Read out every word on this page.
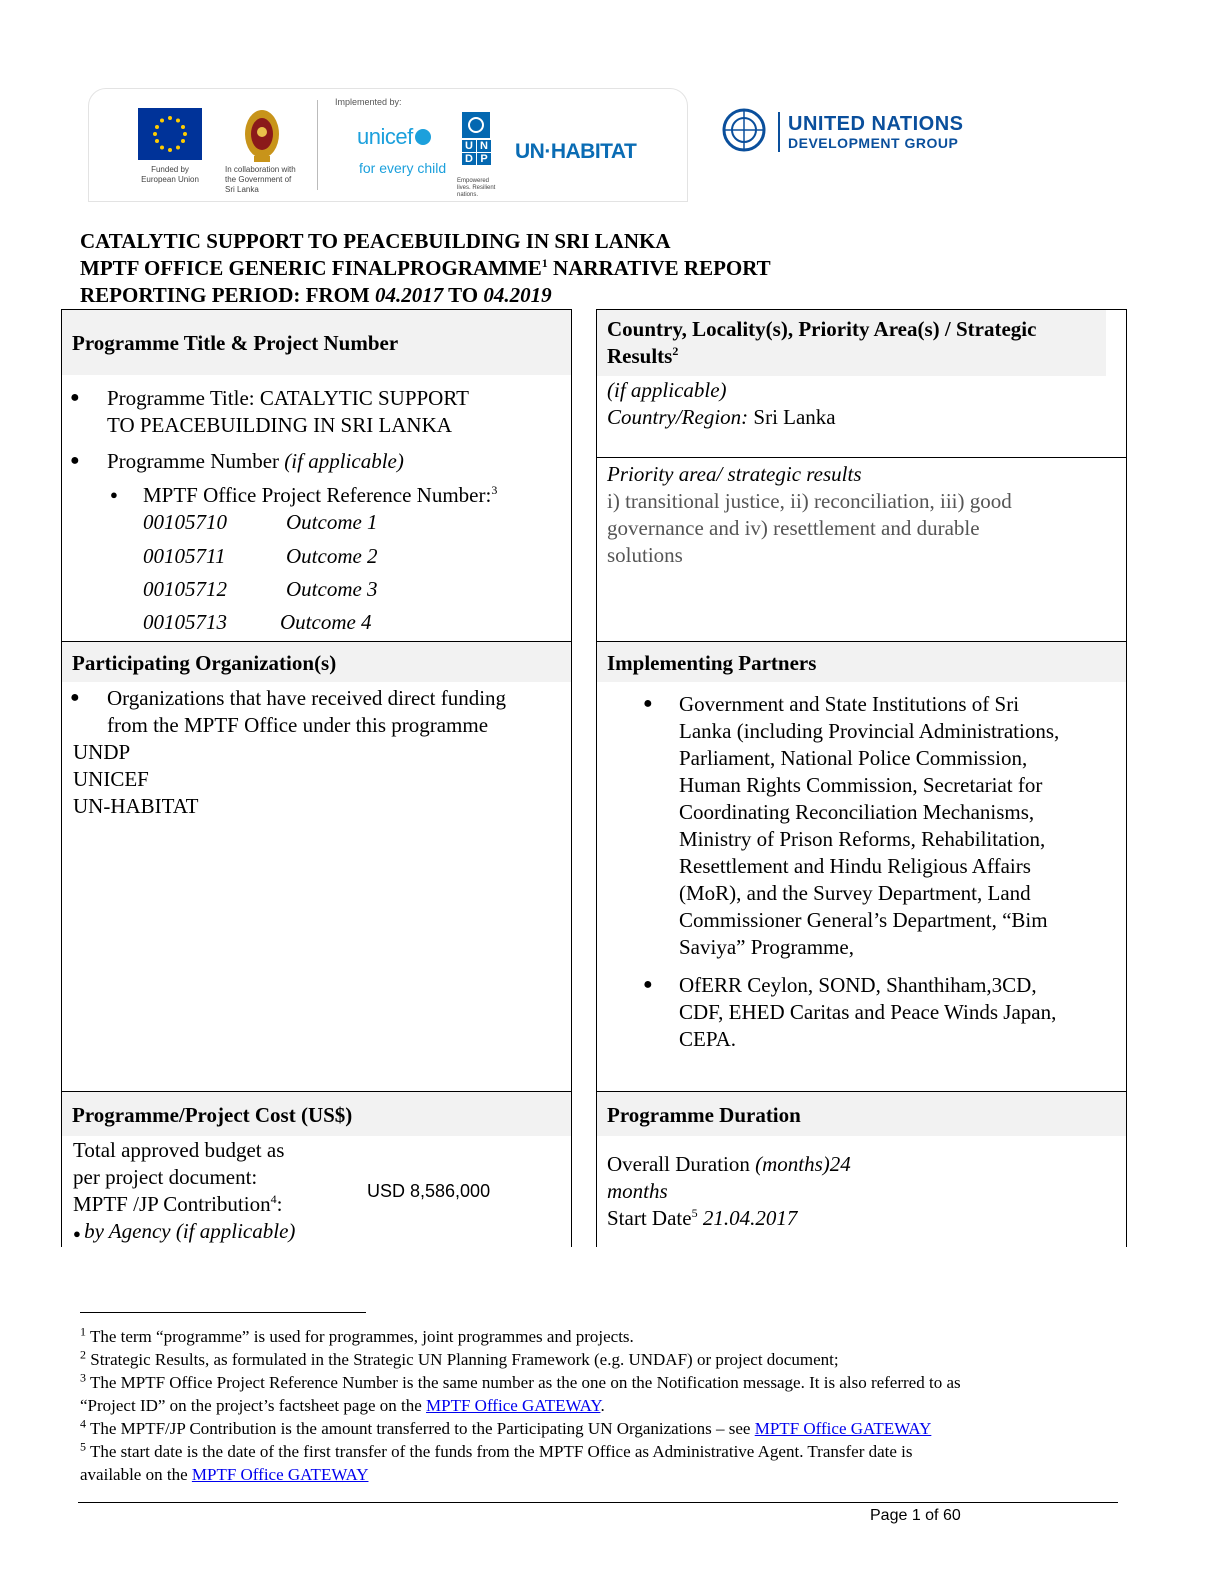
Funded by European Union
In collaboration with the Government of Sri Lanka
Implemented by:
unicef
for every child
U N
D P
Empowered lives. Resilient nations.
UN·HABITAT
UNITED NATIONS
DEVELOPMENT GROUP
CATALYTIC SUPPORT TO PEACEBUILDING IN SRI LANKA
MPTF OFFICE GENERIC FINALPROGRAMME$^1$ NARRATIVE REPORT
REPORTING PERIOD: FROM 04.2017 TO 04.2019
Programme Title & Project Number
● Programme Title: CATALYTIC SUPPORT
TO PEACEBUILDING IN SRI LANKA
● Programme Number (if applicable)
● MPTF Office Project Reference Number:$^3$
00105710	Outcome 1
00105711	Outcome 2
00105712	Outcome 3
00105713	Outcome 4
Participating Organization(s)
● Organizations that have received direct funding
from the MPTF Office under this programme
UNDP
UNICEF
UN-HABITAT
Programme/Project Cost (US$)
Total approved budget as
per project document:
MPTF /JP Contribution$^4$:
● by Agency (if applicable)
USD 8,586,000
Country, Locality(s), Priority Area(s) / Strategic
Results$^2$
(if applicable)
Country/Region: Sri Lanka
Priority area/ strategic results
i) transitional justice, ii) reconciliation, iii) good
governance and iv) resettlement and durable
solutions
Implementing Partners
● Government and State Institutions of Sri
Lanka (including Provincial Administrations,
Parliament, National Police Commission,
Human Rights Commission, Secretariat for
Coordinating Reconciliation Mechanisms,
Ministry of Prison Reforms, Rehabilitation,
Resettlement and Hindu Religious Affairs
(MoR), and the Survey Department, Land
Commissioner General’s Department, “Bim
Saviya” Programme,
● OfERR Ceylon, SOND, Shanthiham,3CD,
CDF, EHED Caritas and Peace Winds Japan,
CEPA.
Programme Duration
Overall Duration (months)24
months
Start Date$^5$ 21.04.2017
$^1$ The term “programme” is used for programmes, joint programmes and projects.
$^2$ Strategic Results, as formulated in the Strategic UN Planning Framework (e.g. UNDAF) or project document;
$^3$ The MPTF Office Project Reference Number is the same number as the one on the Notification message. It is also referred to as
“Project ID” on the project’s factsheet page on the MPTF Office GATEWAY.
$^4$ The MPTF/JP Contribution is the amount transferred to the Participating UN Organizations – see MPTF Office GATEWAY
$^5$ The start date is the date of the first transfer of the funds from the MPTF Office as Administrative Agent. Transfer date is
available on the MPTF Office GATEWAY
Page 1 of 60
